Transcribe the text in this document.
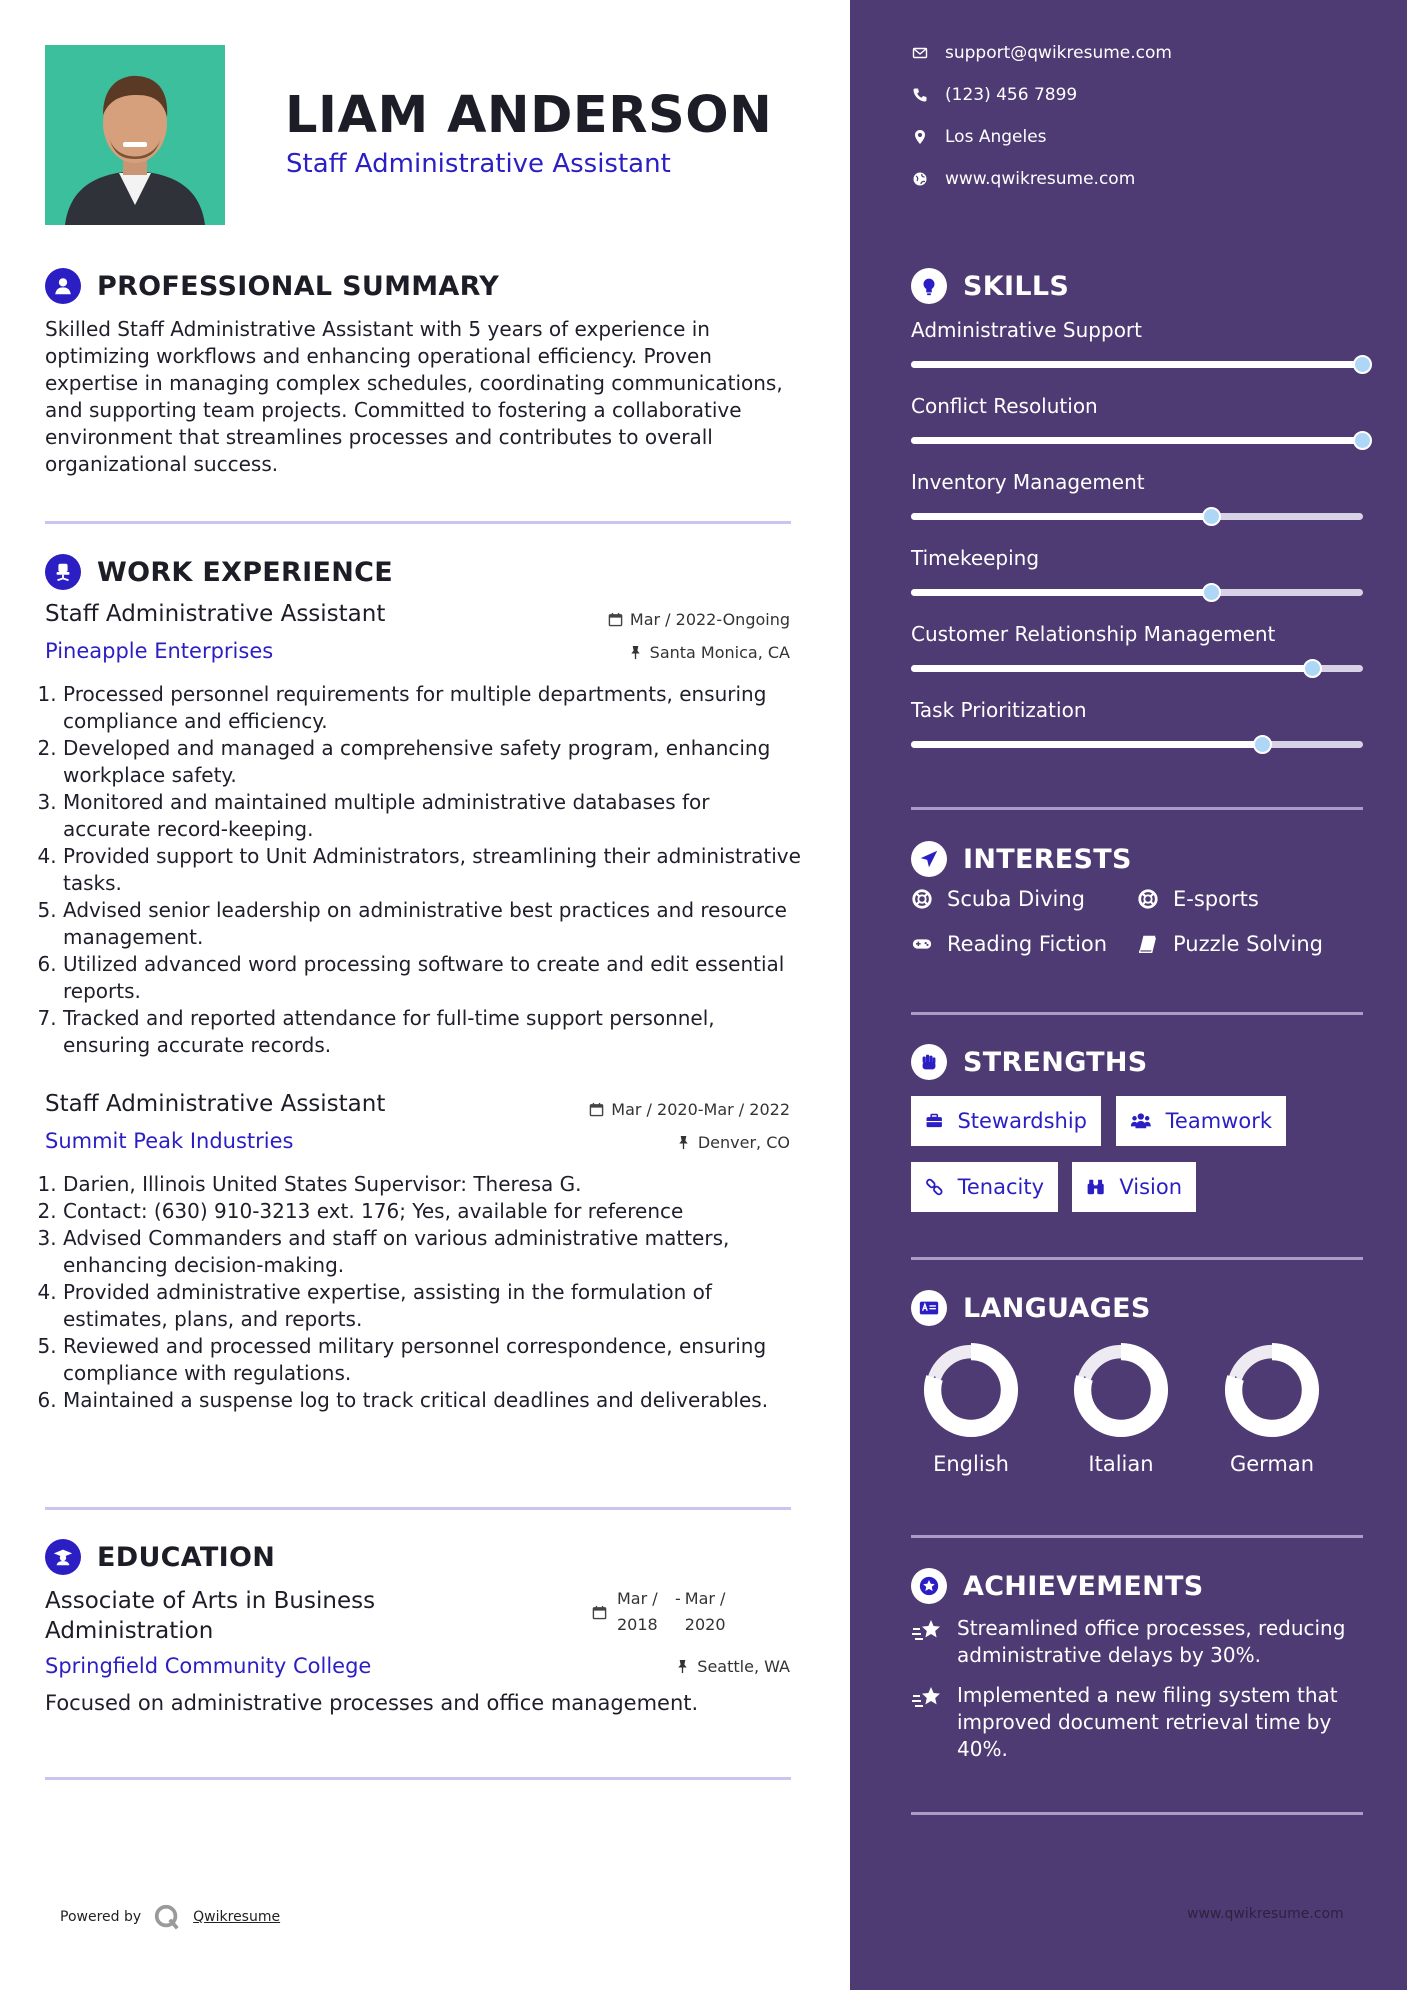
LIAM ANDERSON
Staff Administrative Assistant
PROFESSIONAL SUMMARY

Skilled Staff Administrative Assistant with 5 years of experience in optimizing workflows and enhancing operational efficiency. Proven expertise in managing complex schedules, coordinating communications, and supporting team projects. Committed to fostering a collaborative environment that streamlines processes and contributes to overall organizational success.

WORK EXPERIENCE
Staff Administrative Assistant	Mar / 2022-Ongoing
Pineapple Enterprises	Santa Monica, CA
1. Processed personnel requirements for multiple departments, ensuring compliance and efficiency.
2. Developed and managed a comprehensive safety program, enhancing workplace safety.
3. Monitored and maintained multiple administrative databases for accurate record-keeping.
4. Provided support to Unit Administrators, streamlining their administrative tasks.
5. Advised senior leadership on administrative best practices and resource management.
6. Utilized advanced word processing software to create and edit essential reports.
7. Tracked and reported attendance for full-time support personnel, ensuring accurate records.
Staff Administrative Assistant	Mar / 2020-Mar / 2022
Summit Peak Industries	Denver, CO
1. Darien, Illinois United States Supervisor: Theresa G.
2. Contact: (630) 910-3213 ext. 176; Yes, available for reference
3. Advised Commanders and staff on various administrative matters, enhancing decision-making.
4. Provided administrative expertise, assisting in the formulation of estimates, plans, and reports.
5. Reviewed and processed military personnel correspondence, ensuring compliance with regulations.
6. Maintained a suspense log to track critical deadlines and deliverables.
EDUCATION
Associate of Arts in Business Administration
Mar / 2018
- Mar / 2020
Springfield Community College	Seattle, WA
Focused on administrative processes and office management.
Powered by	Qwikresume
support@qwikresume.com
(123) 456 7899
Los Angeles
www.qwikresume.com
SKILLS
Administrative Support
Conflict Resolution
Inventory Management
Timekeeping
Customer Relationship Management
Task Prioritization
INTERESTS
Scuba Diving	E-sports
Reading Fiction	Puzzle Solving
STRENGTHS
Stewardship	Teamwork
Tenacity	Vision
LANGUAGES
English	Italian	German
ACHIEVEMENTS
Streamlined office processes, reducing administrative delays by 30%.
Implemented a new filing system that improved document retrieval time by 40%.
www.qwikresume.com
